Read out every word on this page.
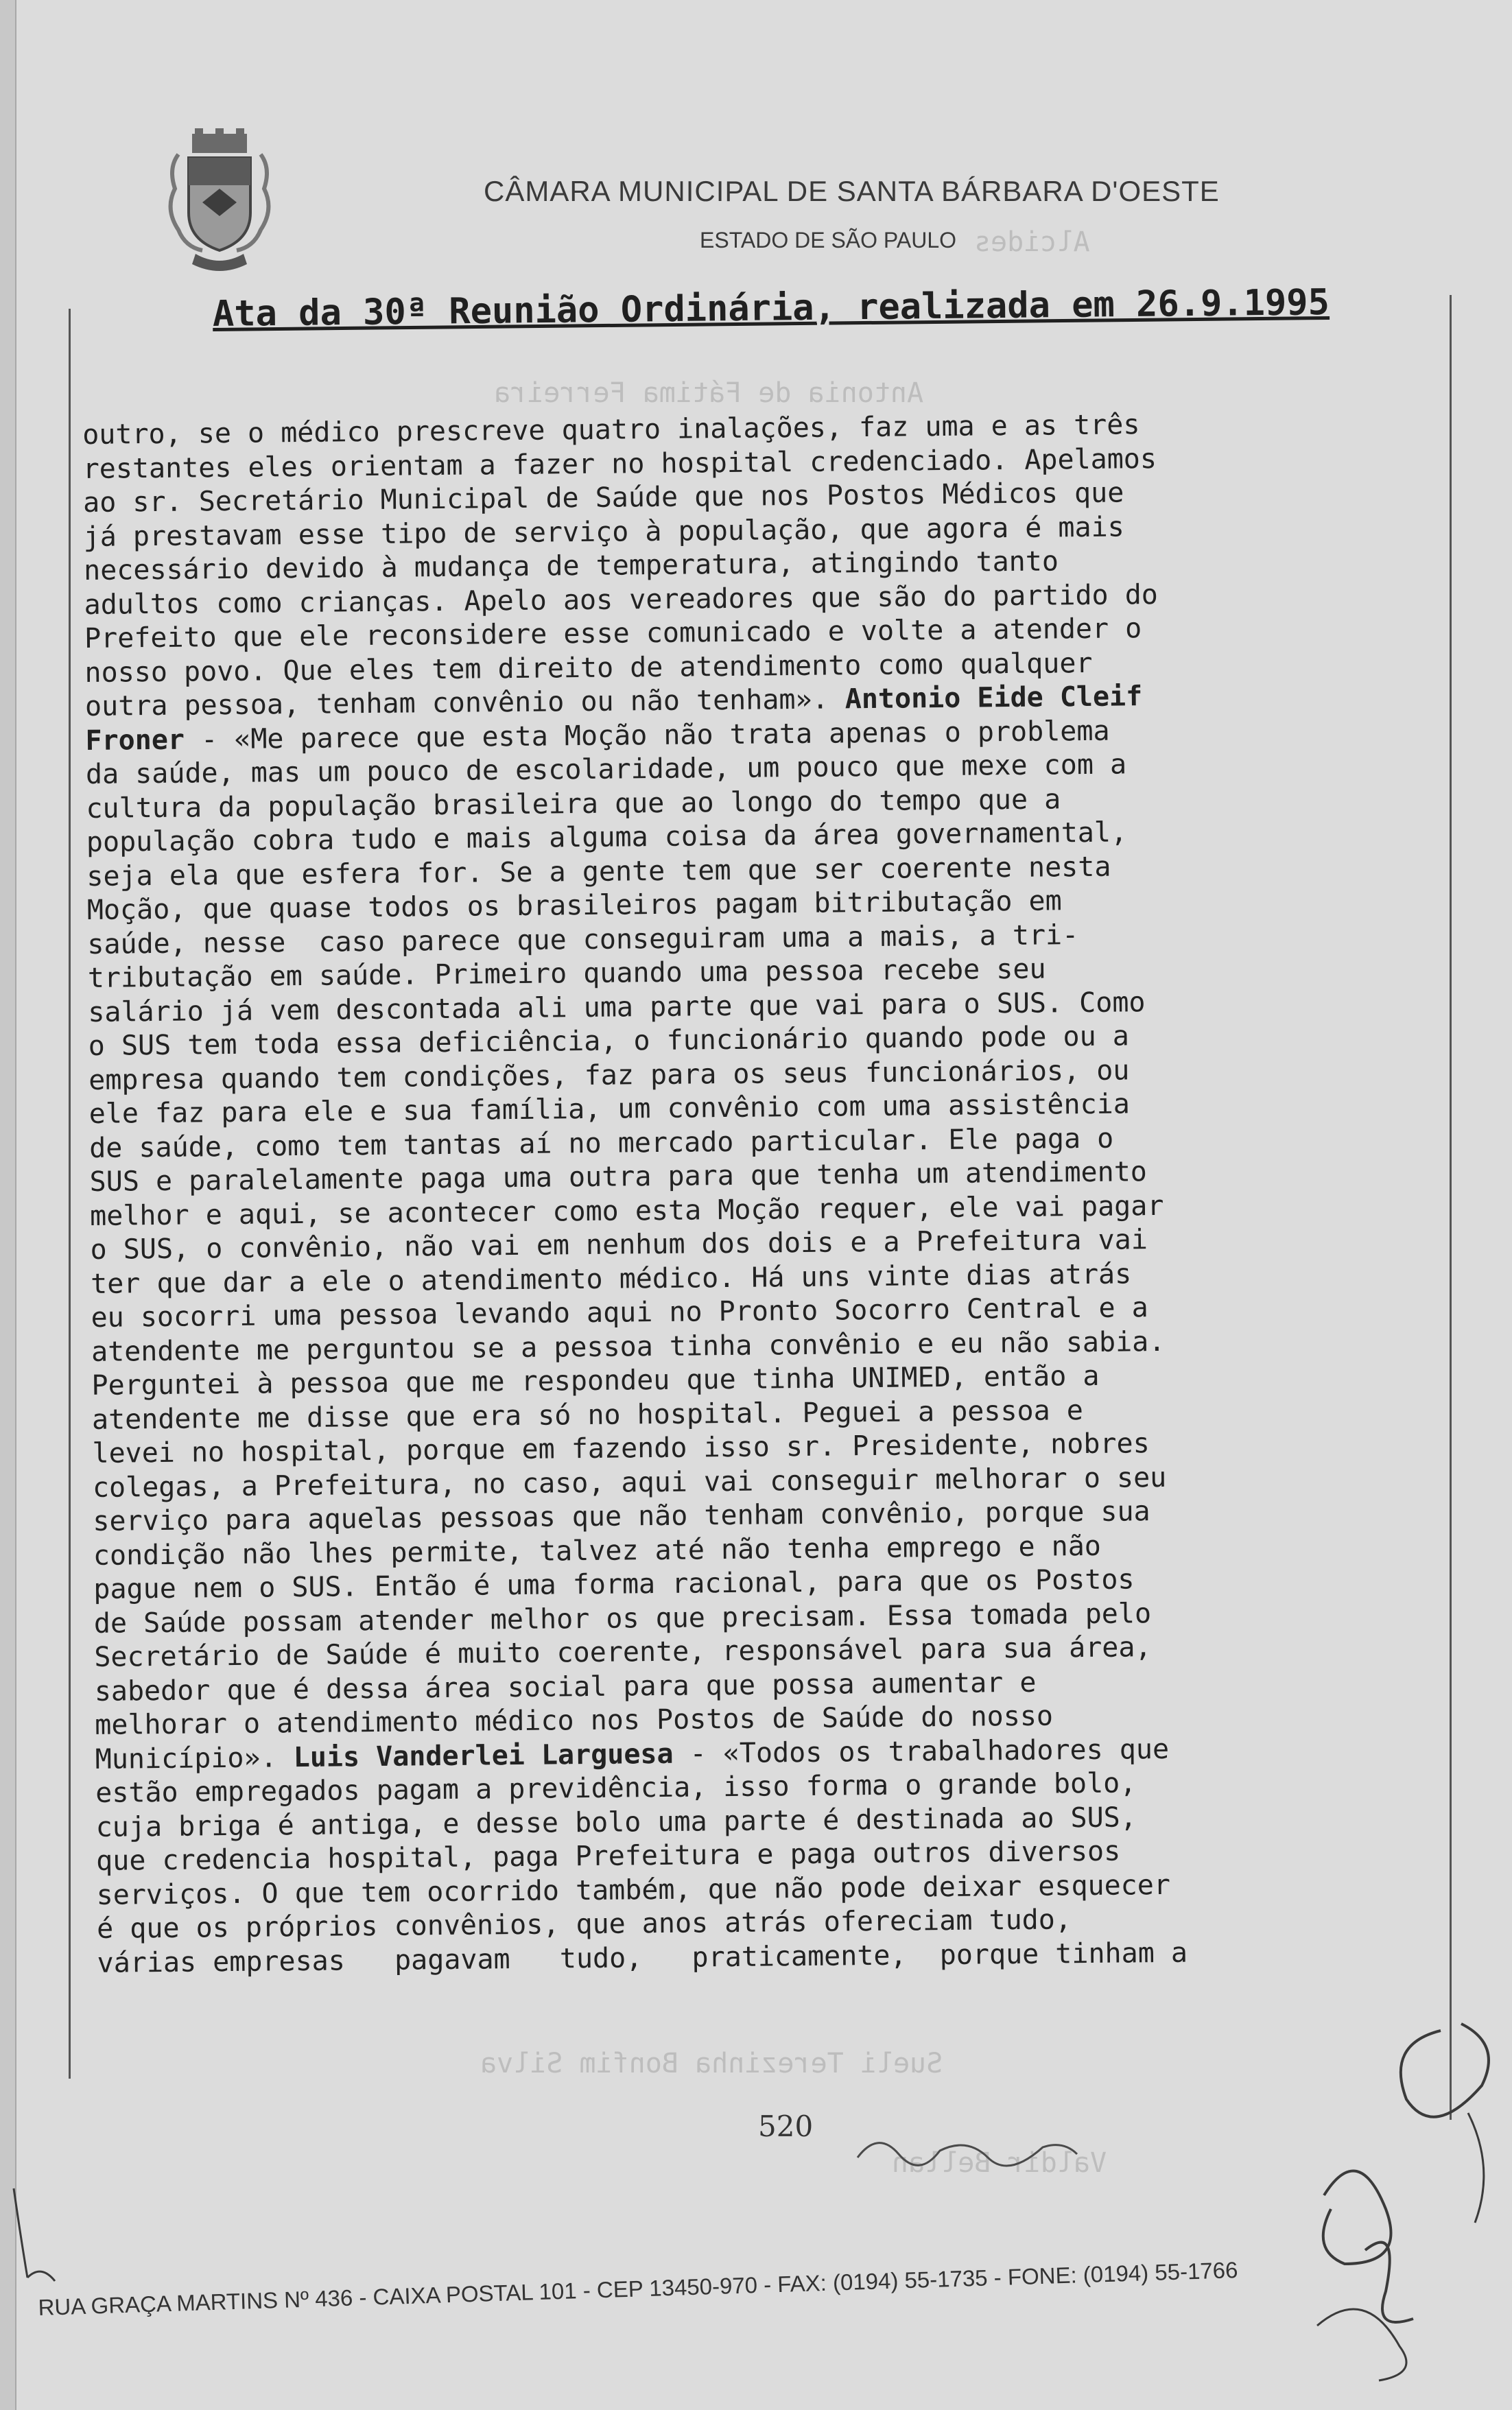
Alcides
Antonia de Fátima Ferreira
Sueli Terezinha Bonfim Silva
Valdir Bellan
CÂMARA MUNICIPAL DE SANTA BÁRBARA D'OESTE
ESTADO DE SÃO PAULO
Ata da 30ª Reunião Ordinária, realizada em 26.9.1995
outro, se o médico prescreve quatro inalações, faz uma e as três
restantes eles orientam a fazer no hospital credenciado. Apelamos
ao sr. Secretário Municipal de Saúde que nos Postos Médicos que
já prestavam esse tipo de serviço à população, que agora é mais
necessário devido à mudança de temperatura, atingindo tanto
adultos como crianças. Apelo aos vereadores que são do partido do
Prefeito que ele reconsidere esse comunicado e volte a atender o
nosso povo. Que eles tem direito de atendimento como qualquer
outra pessoa, tenham convênio ou não tenham». Antonio Eide Cleif
Froner - «Me parece que esta Moção não trata apenas o problema
da saúde, mas um pouco de escolaridade, um pouco que mexe com a
cultura da população brasileira que ao longo do tempo que a
população cobra tudo e mais alguma coisa da área governamental,
seja ela que esfera for. Se a gente tem que ser coerente nesta
Moção, que quase todos os brasileiros pagam bitributação em
saúde, nesse  caso parece que conseguiram uma a mais, a tri-
tributação em saúde. Primeiro quando uma pessoa recebe seu
salário já vem descontada ali uma parte que vai para o SUS. Como
o SUS tem toda essa deficiência, o funcionário quando pode ou a
empresa quando tem condições, faz para os seus funcionários, ou
ele faz para ele e sua família, um convênio com uma assistência
de saúde, como tem tantas aí no mercado particular. Ele paga o
SUS e paralelamente paga uma outra para que tenha um atendimento
melhor e aqui, se acontecer como esta Moção requer, ele vai pagar
o SUS, o convênio, não vai em nenhum dos dois e a Prefeitura vai
ter que dar a ele o atendimento médico. Há uns vinte dias atrás
eu socorri uma pessoa levando aqui no Pronto Socorro Central e a
atendente me perguntou se a pessoa tinha convênio e eu não sabia.
Perguntei à pessoa que me respondeu que tinha UNIMED, então a
atendente me disse que era só no hospital. Peguei a pessoa e
levei no hospital, porque em fazendo isso sr. Presidente, nobres
colegas, a Prefeitura, no caso, aqui vai conseguir melhorar o seu
serviço para aquelas pessoas que não tenham convênio, porque sua
condição não lhes permite, talvez até não tenha emprego e não
pague nem o SUS. Então é uma forma racional, para que os Postos
de Saúde possam atender melhor os que precisam. Essa tomada pelo
Secretário de Saúde é muito coerente, responsável para sua área,
sabedor que é dessa área social para que possa aumentar e
melhorar o atendimento médico nos Postos de Saúde do nosso
Município». Luis Vanderlei Larguesa - «Todos os trabalhadores que
estão empregados pagam a previdência, isso forma o grande bolo,
cuja briga é antiga, e desse bolo uma parte é destinada ao SUS,
que credencia hospital, paga Prefeitura e paga outros diversos
serviços. O que tem ocorrido também, que não pode deixar esquecer
é que os próprios convênios, que anos atrás ofereciam tudo,
várias empresas   pagavam   tudo,   praticamente,  porque tinham a
520
RUA GRAÇA MARTINS Nº 436 - CAIXA POSTAL 101 - CEP 13450-970 - FAX: (0194) 55-1735 - FONE: (0194) 55-1766
